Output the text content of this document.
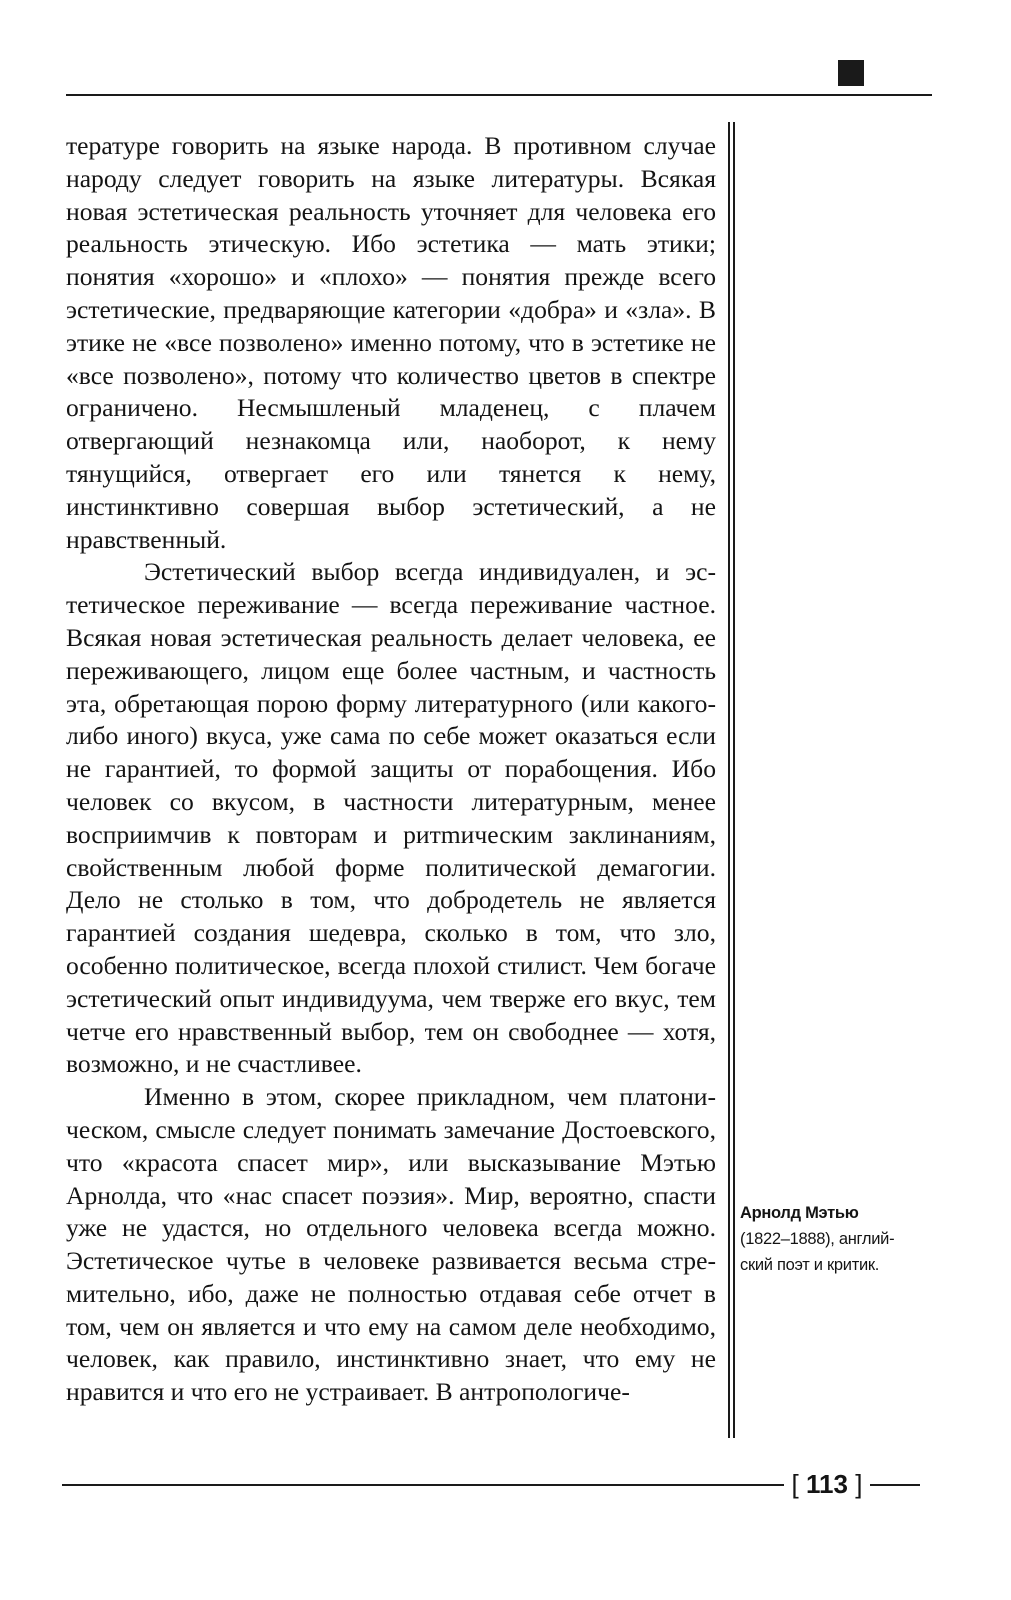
тературе говорить на языке народа. В противном случае народу следует говорить на языке литературы. Всякая новая эстетическая реальность уточняет для человека его реальность этическую. Ибо эстетика — мать этики; понятия «хорошо» и «плохо» — понятия прежде всего эстетические, предваряющие категории «добра» и «зла». В этике не «все позволено» именно потому, что в эстетике не «все позволено», потому что количество цветов в спектре ограничено. Несмышленый младенец, с плачем отвергающий незнакомца или, наоборот, к нему тянущийся, отвергает его или тянется к нему, инстинктивно совершая выбор эстетический, а не нравственный.

Эстетический выбор всегда индивидуален, и эстетическое переживание — всегда переживание частное. Всякая новая эстетическая реальность делает человека, ее переживающего, лицом еще более частным, и частность эта, обретающая порою форму литературного (или какого-либо иного) вкуса, уже сама по себе может оказаться если не гарантией, то формой защиты от порабощения. Ибо человек со вкусом, в частности литературным, менее восприимчив к повторам и ритmическим заклинаниям, свойственным любой форме политической демагогии. Дело не столько в том, что добродетель не является гарантией создания шедевра, сколько в том, что зло, особенно политическое, всегда плохой стилист. Чем богаче эстетический опыт индивидуума, чем тверже его вкус, тем четче его нравственный выбор, тем он свободнее — хотя, возможно, и не счастливее.

Именно в этом, скорее прикладном, чем платоническом, смысле следует понимать замечание Достоевского, что «красота спасет мир», или высказывание Мэтью Арнолда, что «нас спасет поэзия». Мир, вероятно, спасти уже не удастся, но отдельного человека всегда можно. Эстетическое чутье в человеке развивается весьма стремительно, ибо, даже не полностью отдавая себе отчет в том, чем он является и что ему на самом деле необходимо, человек, как правило, инстинктивно знает, что ему не нравится и что его не устраивает. В антропологиче-

Арнолд Мэтью
(1822–1888), английский поэт и критик.
[ 113 ]
